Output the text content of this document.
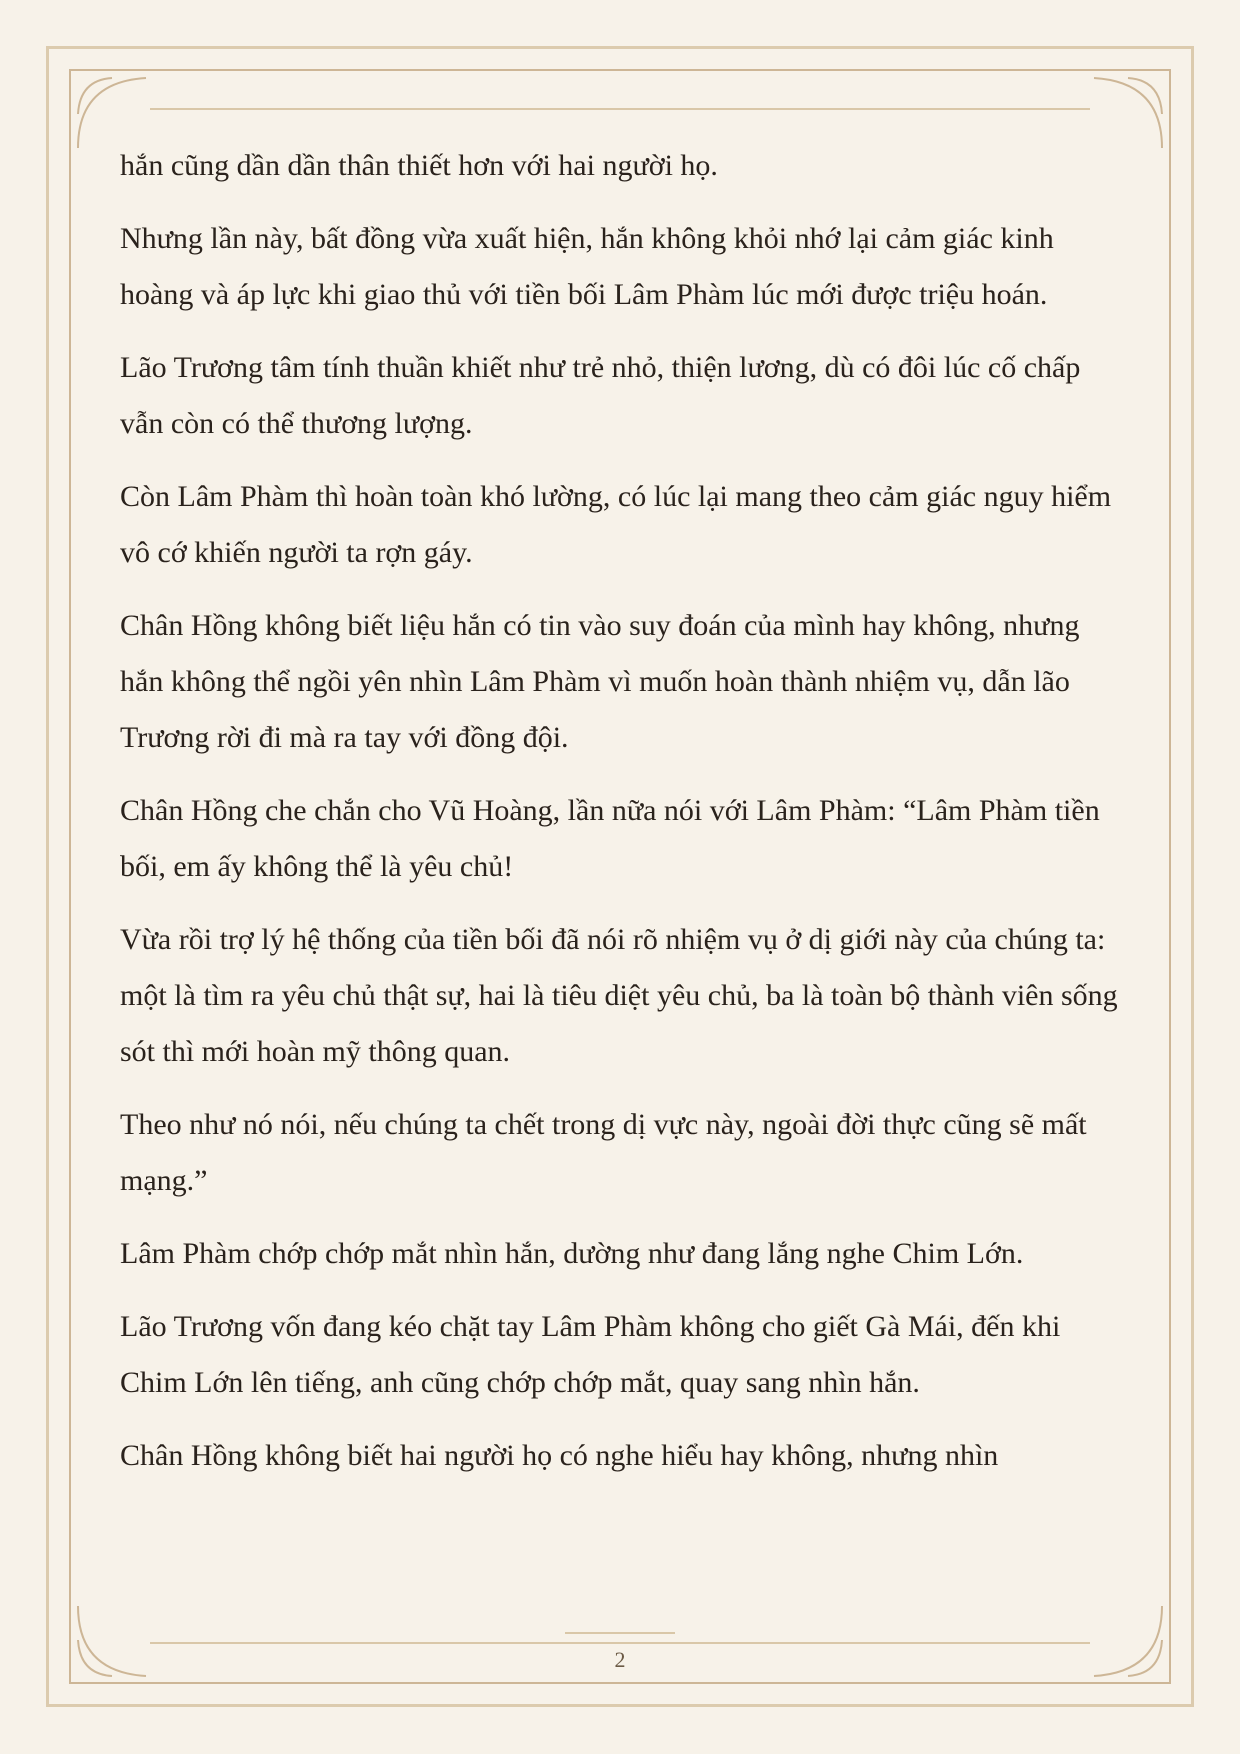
hắn cũng dần dần thân thiết hơn với hai người họ.

Nhưng lần này, bất đồng vừa xuất hiện, hắn không khỏi nhớ lại cảm giác kinh hoàng và áp lực khi giao thủ với tiền bối Lâm Phàm lúc mới được triệu hoán.

Lão Trương tâm tính thuần khiết như trẻ nhỏ, thiện lương, dù có đôi lúc cố chấp vẫn còn có thể thương lượng.

Còn Lâm Phàm thì hoàn toàn khó lường, có lúc lại mang theo cảm giác nguy hiểm vô cớ khiến người ta rợn gáy.

Chân Hồng không biết liệu hắn có tin vào suy đoán của mình hay không, nhưng hắn không thể ngồi yên nhìn Lâm Phàm vì muốn hoàn thành nhiệm vụ, dẫn lão Trương rời đi mà ra tay với đồng đội.

Chân Hồng che chắn cho Vũ Hoàng, lần nữa nói với Lâm Phàm: “Lâm Phàm tiền bối, em ấy không thể là yêu chủ!

Vừa rồi trợ lý hệ thống của tiền bối đã nói rõ nhiệm vụ ở dị giới này của chúng ta: một là tìm ra yêu chủ thật sự, hai là tiêu diệt yêu chủ, ba là toàn bộ thành viên sống sót thì mới hoàn mỹ thông quan.

Theo như nó nói, nếu chúng ta chết trong dị vực này, ngoài đời thực cũng sẽ mất mạng.”

Lâm Phàm chớp chớp mắt nhìn hắn, dường như đang lắng nghe Chim Lớn.

Lão Trương vốn đang kéo chặt tay Lâm Phàm không cho giết Gà Mái, đến khi Chim Lớn lên tiếng, anh cũng chớp chớp mắt, quay sang nhìn hắn.

Chân Hồng không biết hai người họ có nghe hiểu hay không, nhưng nhìn

2
